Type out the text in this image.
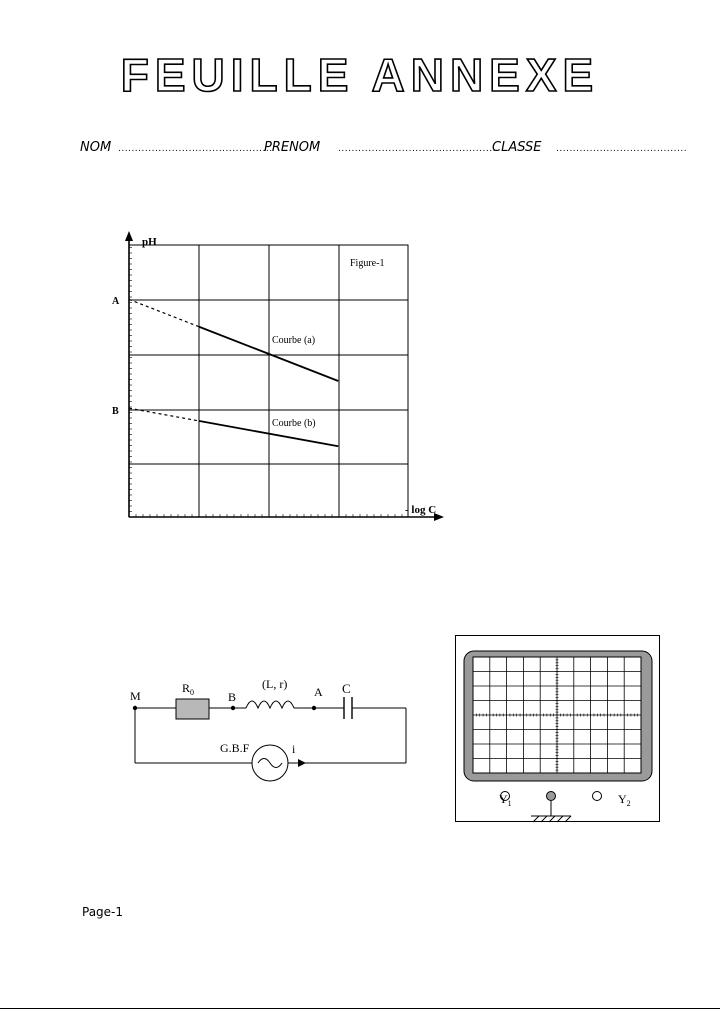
FEUILLE ANNEXE
NOM ..............................................
PRENOM ...............................................
CLASSE .......................................
pH
- log C
Figure-1
A
B
Courbe (a)
Courbe (b)
M
$R_0$	B
(L, r)
A C
G.B.F	i
$Y_1$	$Y_2$
Page-1
